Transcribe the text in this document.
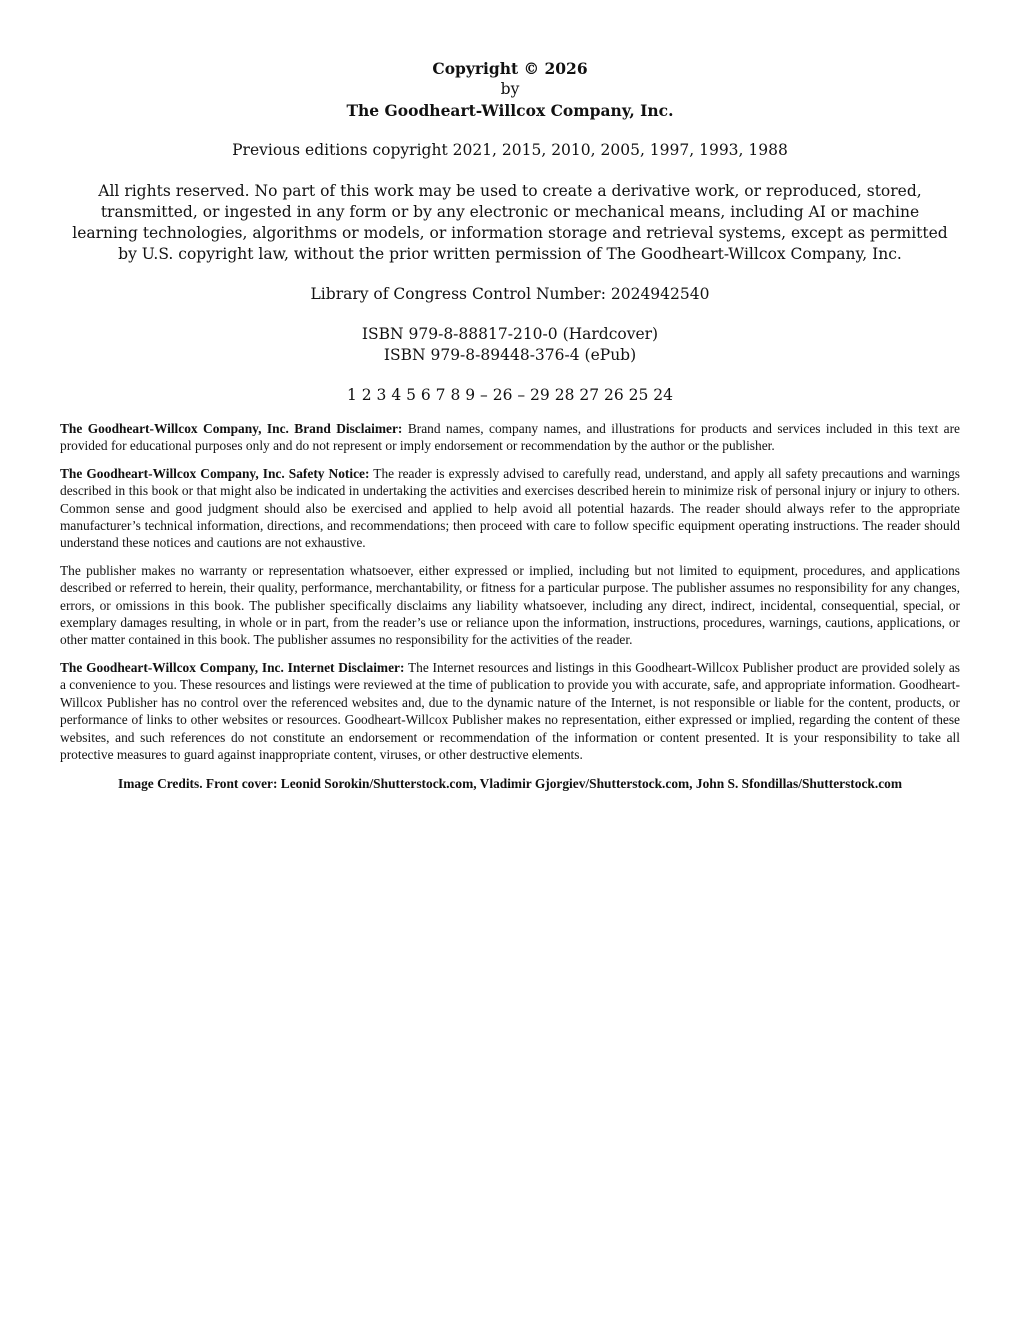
Copyright © 2026
by
The Goodheart-Willcox Company, Inc.

Previous editions copyright 2021, 2015, 2010, 2005, 1997, 1993, 1988

All rights reserved. No part of this work may be used to create a derivative work, or reproduced, stored, transmitted, or ingested in any form or by any electronic or mechanical means, including AI or machine learning technologies, algorithms or models, or information storage and retrieval systems, except as permitted by U.S. copyright law, without the prior written permission of The Goodheart-Willcox Company, Inc.

Library of Congress Control Number: 2024942540

ISBN 979-8-88817-210-0 (Hardcover)
ISBN 979-8-89448-376-4 (ePub)

1 2 3 4 5 6 7 8 9 – 26 – 29 28 27 26 25 24

The Goodheart-Willcox Company, Inc. Brand Disclaimer: Brand names, company names, and illustrations for products and services included in this text are provided for educational purposes only and do not represent or imply endorsement or recommendation by the author or the publisher.

The Goodheart-Willcox Company, Inc. Safety Notice: The reader is expressly advised to carefully read, understand, and apply all safety precautions and warnings described in this book or that might also be indicated in undertaking the activities and exercises described herein to minimize risk of personal injury or injury to others. Common sense and good judgment should also be exercised and applied to help avoid all potential hazards. The reader should always refer to the appropriate manufacturer’s technical information, directions, and recommendations; then proceed with care to follow specific equipment operating instructions. The reader should understand these notices and cautions are not exhaustive.

The publisher makes no warranty or representation whatsoever, either expressed or implied, including but not limited to equipment, procedures, and applications described or referred to herein, their quality, performance, merchantability, or fitness for a particular purpose. The publisher assumes no responsibility for any changes, errors, or omissions in this book. The publisher specifically disclaims any liability whatsoever, including any direct, indirect, incidental, consequential, special, or exemplary damages resulting, in whole or in part, from the reader’s use or reliance upon the information, instructions, procedures, warnings, cautions, applications, or other matter contained in this book. The publisher assumes no responsibility for the activities of the reader.

The Goodheart-Willcox Company, Inc. Internet Disclaimer: The Internet resources and listings in this Goodheart-Willcox Publisher product are provided solely as a convenience to you. These resources and listings were reviewed at the time of publication to provide you with accurate, safe, and appropriate information. Goodheart-Willcox Publisher has no control over the referenced websites and, due to the dynamic nature of the Internet, is not responsible or liable for the content, products, or performance of links to other websites or resources. Goodheart-Willcox Publisher makes no representation, either expressed or implied, regarding the content of these websites, and such references do not constitute an endorsement or recommendation of the information or content presented. It is your responsibility to take all protective measures to guard against inappropriate content, viruses, or other destructive elements.

Image Credits. Front cover: Leonid Sorokin/Shutterstock.com, Vladimir Gjorgiev/Shutterstock.com, John S. Sfondillas/Shutterstock.com
